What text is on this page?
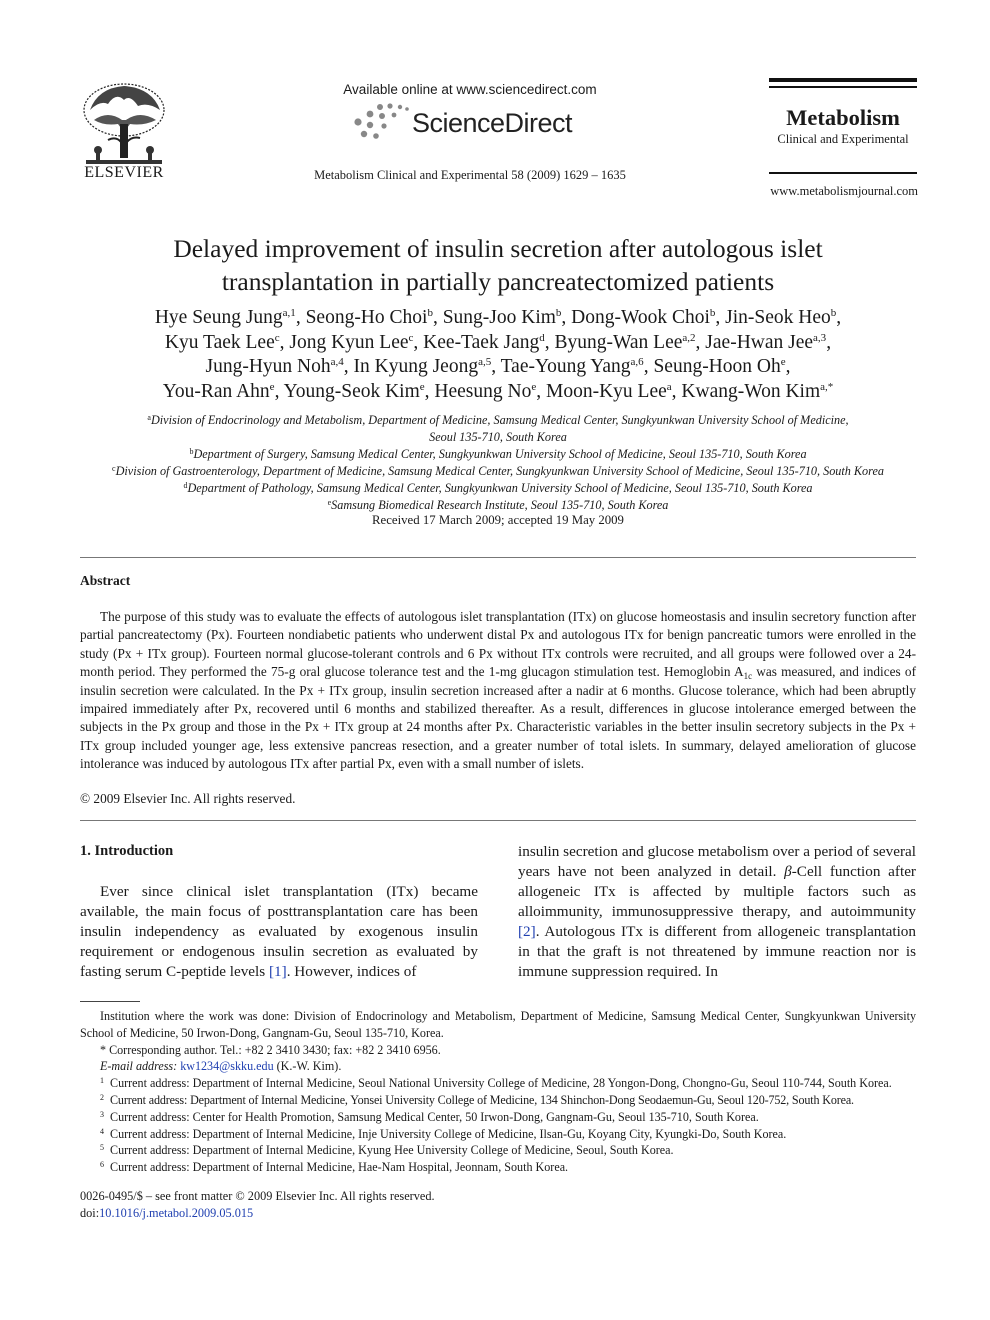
ELSEVIER
Available online at www.sciencedirect.com
ScienceDirect
Metabolism Clinical and Experimental 58 (2009) 1629 – 1635
Metabolism
Clinical and Experimental
www.metabolismjournal.com
Delayed improvement of insulin secretion after autologous islet
transplantation in partially pancreatectomized patients
Hye Seung Jung$^{a,1}$, Seong-Ho Choi$^b$, Sung-Joo Kim$^b$, Dong-Wook Choi$^b$, Jin-Seok Heo$^b$,
Kyu Taek Lee$^c$, Jong Kyun Lee$^c$, Kee-Taek Jang$^d$, Byung-Wan Lee$^{a,2}$, Jae-Hwan Jee$^{a,3}$,
Jung-Hyun Noh$^{a,4}$, In Kyung Jeong$^{a,5}$, Tae-Young Yang$^{a,6}$, Seung-Hoon Oh$^e$,
You-Ran Ahn$^e$, Young-Seok Kim$^e$, Heesung No$^e$, Moon-Kyu Lee$^a$, Kwang-Won Kim$^{a,*}$
$^a$Division of Endocrinology and Metabolism, Department of Medicine, Samsung Medical Center, Sungkyunkwan University School of Medicine,
Seoul 135-710, South Korea
$^b$Department of Surgery, Samsung Medical Center, Sungkyunkwan University School of Medicine, Seoul 135-710, South Korea
$^c$Division of Gastroenterology, Department of Medicine, Samsung Medical Center, Sungkyunkwan University School of Medicine, Seoul 135-710, South Korea
$^d$Department of Pathology, Samsung Medical Center, Sungkyunkwan University School of Medicine, Seoul 135-710, South Korea
$^e$Samsung Biomedical Research Institute, Seoul 135-710, South Korea
Received 17 March 2009; accepted 19 May 2009
Abstract
The purpose of this study was to evaluate the effects of autologous islet transplantation (ITx) on glucose homeostasis and insulin secretory function after partial pancreatectomy (Px). Fourteen nondiabetic patients who underwent distal Px and autologous ITx for benign pancreatic tumors were enrolled in the study (Px + ITx group). Fourteen normal glucose-tolerant controls and 6 Px without ITx controls were recruited, and all groups were followed over a 24-month period. They performed the 75-g oral glucose tolerance test and the 1-mg glucagon stimulation test. Hemoglobin $A_{1c}$ was measured, and indices of insulin secretion were calculated. In the Px + ITx group, insulin secretion increased after a nadir at 6 months. Glucose tolerance, which had been abruptly impaired immediately after Px, recovered until 6 months and stabilized thereafter. As a result, differences in glucose intolerance emerged between the subjects in the Px group and those in the Px + ITx group at 24 months after Px. Characteristic variables in the better insulin secretory subjects in the Px + ITx group included younger age, less extensive pancreas resection, and a greater number of total islets. In summary, delayed amelioration of glucose intolerance was induced by autologous ITx after partial Px, even with a small number of islets.
© 2009 Elsevier Inc. All rights reserved.
1. Introduction
Ever since clinical islet transplantation (ITx) became available, the main focus of posttransplantation care has been insulin independency as evaluated by exogenous insulin requirement or endogenous insulin secretion as evaluated by fasting serum C-peptide levels [1]. However, indices of
insulin secretion and glucose metabolism over a period of several years have not been analyzed in detail. β-Cell function after allogeneic ITx is affected by multiple factors such as alloimmunity, immunosuppressive therapy, and autoimmunity [2]. Autologous ITx is different from allogeneic transplantation in that the graft is not threatened by immune reaction nor is immune suppression required. In
Institution where the work was done: Division of Endocrinology and Metabolism, Department of Medicine, Samsung Medical Center, Sungkyunkwan University School of Medicine, 50 Irwon-Dong, Gangnam-Gu, Seoul 135-710, Korea.
* Corresponding author. Tel.: +82 2 3410 3430; fax: +82 2 3410 6956.
E-mail address: kw1234@skku.edu (K.-W. Kim).
$^1$ Current address: Department of Internal Medicine, Seoul National University College of Medicine, 28 Yongon-Dong, Chongno-Gu, Seoul 110-744, South Korea.
$^2$ Current address: Department of Internal Medicine, Yonsei University College of Medicine, 134 Shinchon-Dong Seodaemun-Gu, Seoul 120-752, South Korea.
$^3$ Current address: Center for Health Promotion, Samsung Medical Center, 50 Irwon-Dong, Gangnam-Gu, Seoul 135-710, South Korea.
$^4$ Current address: Department of Internal Medicine, Inje University College of Medicine, Ilsan-Gu, Koyang City, Kyungki-Do, South Korea.
$^5$ Current address: Department of Internal Medicine, Kyung Hee University College of Medicine, Seoul, South Korea.
$^6$ Current address: Department of Internal Medicine, Hae-Nam Hospital, Jeonnam, South Korea.
0026-0495/$ – see front matter © 2009 Elsevier Inc. All rights reserved.
doi:10.1016/j.metabol.2009.05.015
